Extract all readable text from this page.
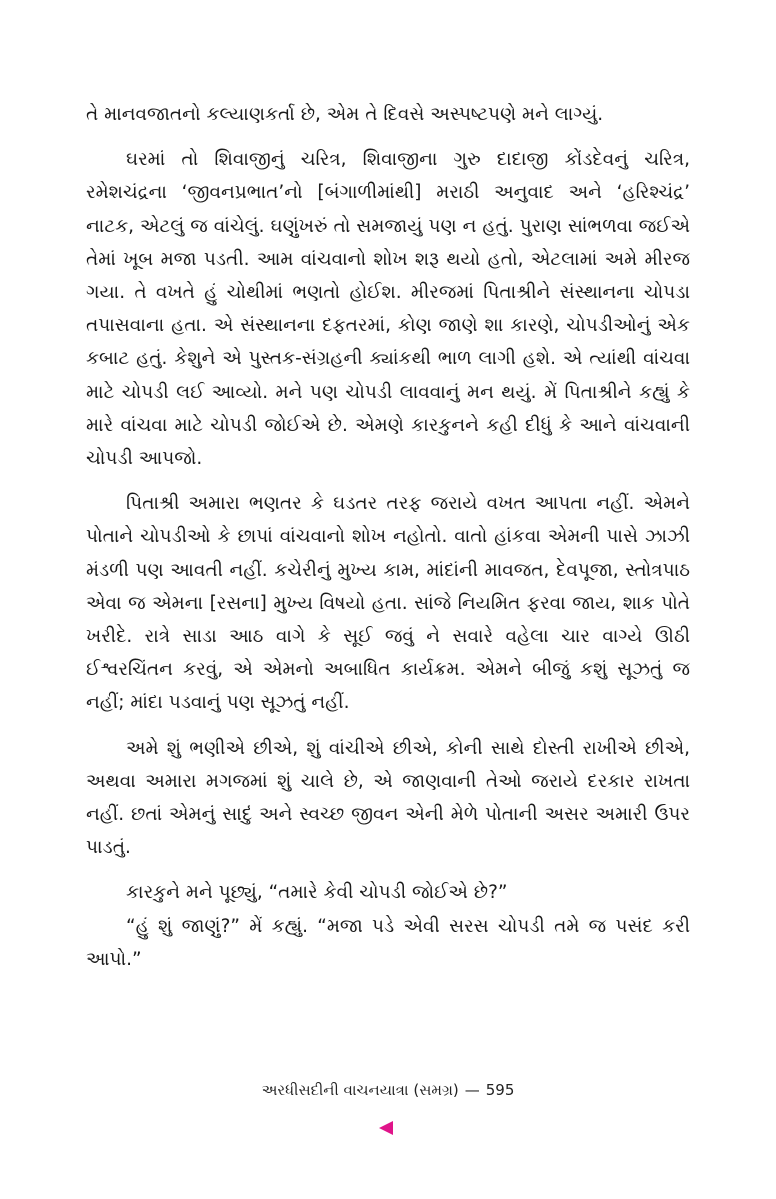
તે માનવજાતનો કલ્યાણકર્તા છે, એમ તે દિવસે અસ્પષ્ટપણે મને લાગ્યું.

ઘરમાં તો શિવાજીનું ચરિત્ર, શિવાજીના ગુરુ દાદાજી કોંડદેવનું ચરિત્ર, રમેશચંદ્રના ‘જીવનપ્રભાત’નો [બંગાળીમાંથી] મરાઠી અનુવાદ અને ‘હરિશ્ચંદ્ર’ નાટક, એટલું જ વાંચેલું. ઘણુંખરું તો સમજાયું પણ ન હતું. પુરાણ સાંભળવા જઈએ તેમાં ખૂબ મજા પડતી. આમ વાંચવાનો શોખ શરૂ થયો હતો, એટલામાં અમે મીરજ ગયા. તે વખતે હું ચોથીમાં ભણતો હોઈશ. મીરજમાં પિતાશ્રીને સંસ્થાનના ચોપડા તપાસવાના હતા. એ સંસ્થાનના દફતરમાં, કોણ જાણે શા કારણે, ચોપડીઓનું એક કબાટ હતું. કેશુને એ પુસ્તક-સંગ્રહની ક્યાંકથી ભાળ લાગી હશે. એ ત્યાંથી વાંચવા માટે ચોપડી લઈ આવ્યો. મને પણ ચોપડી લાવવાનું મન થયું. મેં પિતાશ્રીને કહ્યું કે મારે વાંચવા માટે ચોપડી જોઈએ છે. એમણે કારકુનને કહી દીધું કે આને વાંચવાની ચોપડી આપજો.

પિતાશ્રી અમારા ભણતર કે ઘડતર તરફ જરાયે વખત આપતા નહીં. એમને પોતાને ચોપડીઓ કે છાપાં વાંચવાનો શોખ નહોતો. વાતો હાંકવા એમની પાસે ઝાઝી મંડળી પણ આવતી નહીં. કચેરીનું મુખ્ય કામ, માંદાંની માવજત, દેવપૂજા, સ્તોત્રપાઠ એવા જ એમના [રસના] મુખ્ય વિષયો હતા. સાંજે નિયમિત ફરવા જાય, શાક પોતે ખરીદે. રાત્રે સાડા આઠ વાગે કે સૂઈ જવું ને સવારે વહેલા ચાર વાગ્યે ઊઠી ઈશ્વરચિંતન કરવું, એ એમનો અબાધિત કાર્યક્રમ. એમને બીજું કશું સૂઝતું જ નહીં; માંદા પડવાનું પણ સૂઝતું નહીં.

અમે શું ભણીએ છીએ, શું વાંચીએ છીએ, કોની સાથે દોસ્તી રાખીએ છીએ, અથવા અમારા મગજમાં શું ચાલે છે, એ જાણવાની તેઓ જરાયે દરકાર રાખતા નહીં. છતાં એમનું સાદું અને સ્વચ્છ જીવન એની મેળે પોતાની અસર અમારી ઉપર પાડતું.

કારકુને મને પૂછ્યું, “તમારે કેવી ચોપડી જોઈએ છે?”

“હું શું જાણું?” મેં કહ્યું. “મજા પડે એવી સરસ ચોપડી તમે જ પસંદ કરી આપો.”

અરધીસદીની વાચનયાત્રા (સમગ્ર) — 595
